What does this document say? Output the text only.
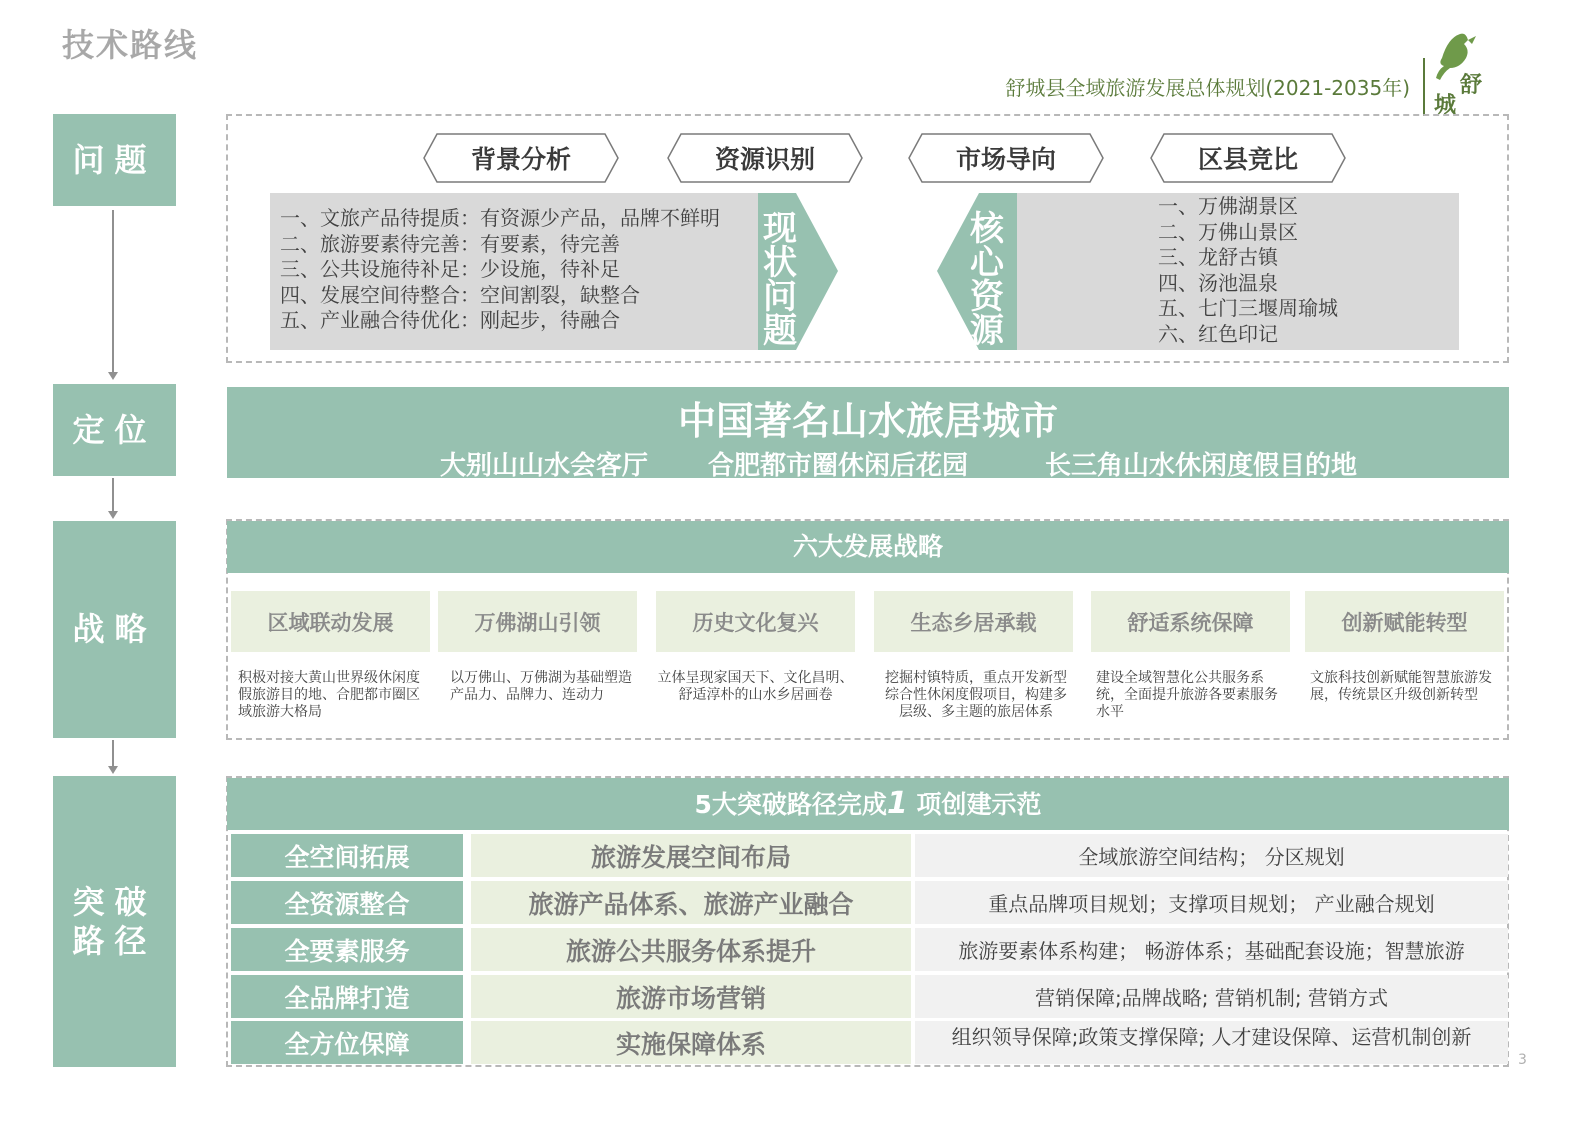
技术路线
舒城县全域旅游发展总体规划(2021-2035年) 舒
城
问题
定位
战略
突破
路径
背景分析	资源识别	市场导向	区县竞比
现
状
问
题
核
心
资
源
一、文旅产品待提质：有资源少产品，品牌不鲜明
二、旅游要素待完善：有要素，待完善
三、公共设施待补足：少设施，待补足
四、发展空间待整合：空间割裂，缺整合
五、产业融合待优化：刚起步，待融合
一、万佛湖景区
二、万佛山景区
三、龙舒古镇
四、汤池温泉
五、七门三堰周瑜城
六、红色印记
中国著名山水旅居城市
大别山山水会客厅 合肥都市圈休闲后花园	长三角山水休闲度假目的地
六大发展战略
区域联动发展	万佛湖山引领	历史文化复兴	生态乡居承载	舒适系统保障	创新赋能转型
积极对接大黄山世界级休闲度假旅游目的地、合肥都市圈区域旅游大格局
以万佛山、万佛湖为基础塑造产品力、品牌力、连动力
立体呈现家国天下、文化昌明、舒适淳朴的山水乡居画卷
挖掘村镇特质，重点开发新型综合性休闲度假项目，构建多层级、多主题的旅居体系
建设全域智慧化公共服务系统，全面提升旅游各要素服务水平
文旅科技创新赋能智慧旅游发展，传统景区升级创新转型
5大突破路径完成1 项创建示范
全空间拓展	旅游发展空间布局	全域旅游空间结构； 分区规划
全资源整合	旅游产品体系、旅游产业融合	重点品牌项目规划；支撑项目规划； 产业融合规划
全要素服务	旅游公共服务体系提升	旅游要素体系构建； 畅游体系；基础配套设施；智慧旅游
全品牌打造	旅游市场营销	营销保障;品牌战略; 营销机制; 营销方式
全方位保障	实施保障体系	组织领导保障;政策支撑保障; 人才建设保障、运营机制创新
3
